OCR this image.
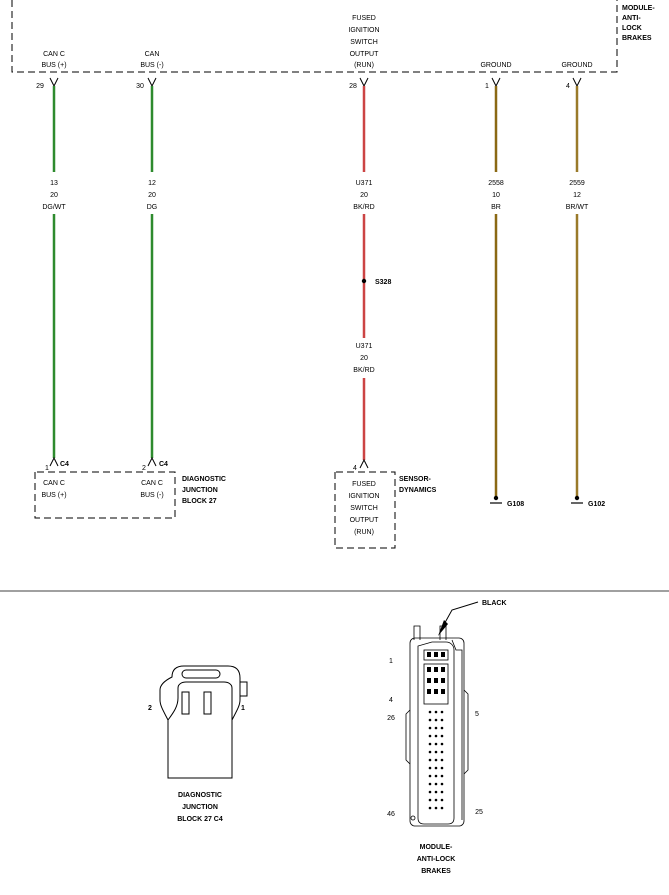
MODULE-
ANTI-
LOCK
BRAKES
CAN C
BUS (+)
CAN
BUS (-)
FUSED
IGNITION
SWITCH
OUTPUT
(RUN)	GROUND	GROUND
29	30	28	1	4
13
20
DG/WT
12
20
DG
S328
U371
20
BK/RD
U371
20
BK/RD
G108
2558
10
BR
G102
2559
12
BR/WT
1
C4
2
C4
CAN C
BUS (+)
CAN C
BUS (-)
DIAGNOSTIC
JUNCTION
BLOCK 27
4
FUSED
IGNITION
SWITCH
OUTPUT
(RUN)
SENSOR-
DYNAMICS
2	1
DIAGNOSTIC
JUNCTION
BLOCK 27 C4
BLACK
1
4
26
46
5
25
MODULE-
ANTI-LOCK
BRAKES
